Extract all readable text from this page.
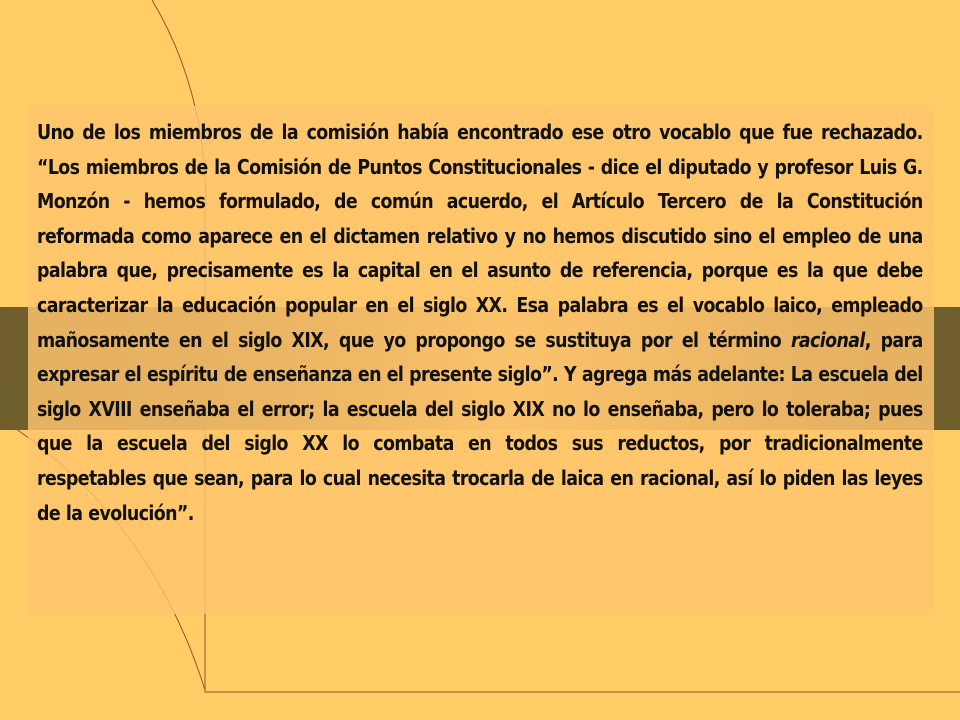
Uno de los miembros de la comisión había encontrado ese otro vocablo que fue rechazado. “Los miembros de la Comisión de Puntos Constitucionales - dice el diputado y profesor Luis G. Monzón - hemos formulado, de común acuerdo, el Artículo Tercero de la Constitución reformada como aparece en el dictamen relativo y no hemos discutido sino el empleo de una palabra que, precisamente es la capital en el asunto de referencia, porque es la que debe caracterizar la educación popular en el siglo XX. Esa palabra es el vocablo laico, empleado mañosamente en el siglo XIX, que yo propongo se sustituya por el término racional, para expresar el espíritu de enseñanza en el presente siglo”. Y agrega más adelante: La escuela del siglo XVIII enseñaba el error; la escuela del siglo XIX no lo enseñaba, pero lo toleraba; pues que la escuela del siglo XX lo combata en todos sus reductos, por tradicionalmente respetables que sean, para lo cual necesita trocarla de laica en racional, así lo piden las leyes de la evolución”.
